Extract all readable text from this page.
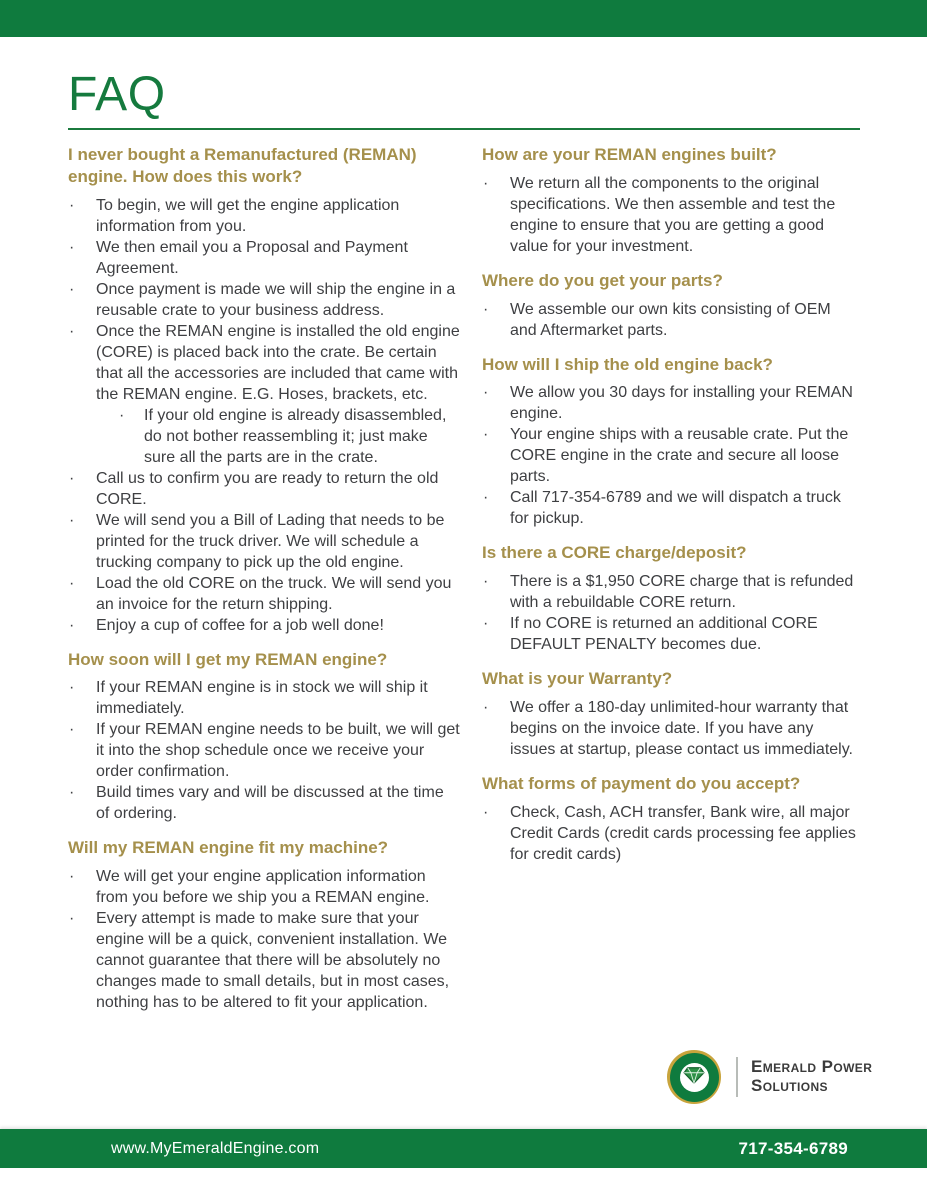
FAQ
I never bought a Remanufactured (REMAN) engine. How does this work?
· To begin, we will get the engine application information from you.
· We then email you a Proposal and Payment Agreement.
· Once payment is made we will ship the engine in a reusable crate to your business address.
· Once the REMAN engine is installed the old engine (CORE) is placed back into the crate. Be certain that all the accessories are included that came with the REMAN engine. E.G. Hoses, brackets, etc.
· If your old engine is already disassembled, do not bother reassembling it; just make sure all the parts are in the crate.
· Call us to confirm you are ready to return the old CORE.
· We will send you a Bill of Lading that needs to be printed for the truck driver. We will schedule a trucking company to pick up the old engine.
· Load the old CORE on the truck. We will send you an invoice for the return shipping.
· Enjoy a cup of coffee for a job well done!
How soon will I get my REMAN engine?
· If your REMAN engine is in stock we will ship it immediately.
· If your REMAN engine needs to be built, we will get it into the shop schedule once we receive your order confirmation.
· Build times vary and will be discussed at the time of ordering.
Will my REMAN engine fit my machine?
· We will get your engine application information from you before we ship you a REMAN engine.
· Every attempt is made to make sure that your engine will be a quick, convenient installation. We cannot guarantee that there will be absolutely no changes made to small details, but in most cases, nothing has to be altered to fit your application.
How are your REMAN engines built?
· We return all the components to the original specifications. We then assemble and test the engine to ensure that you are getting a good value for your investment.
Where do you get your parts?
· We assemble our own kits consisting of OEM and Aftermarket parts.
How will I ship the old engine back?
· We allow you 30 days for installing your REMAN engine.
· Your engine ships with a reusable crate. Put the CORE engine in the crate and secure all loose parts.
· Call 717-354-6789 and we will dispatch a truck for pickup.
Is there a CORE charge/deposit?
· There is a $1,950 CORE charge that is refunded with a rebuildable CORE return.
· If no CORE is returned an additional CORE DEFAULT PENALTY becomes due.
What is your Warranty?
· We offer a 180-day unlimited-hour warranty that begins on the invoice date. If you have any issues at startup, please contact us immediately.
What forms of payment do you accept?
· Check, Cash, ACH transfer, Bank wire, all major Credit Cards (credit cards processing fee applies for credit cards)
Emerald Power
Solutions
www.MyEmeraldEngine.com	717-354-6789
